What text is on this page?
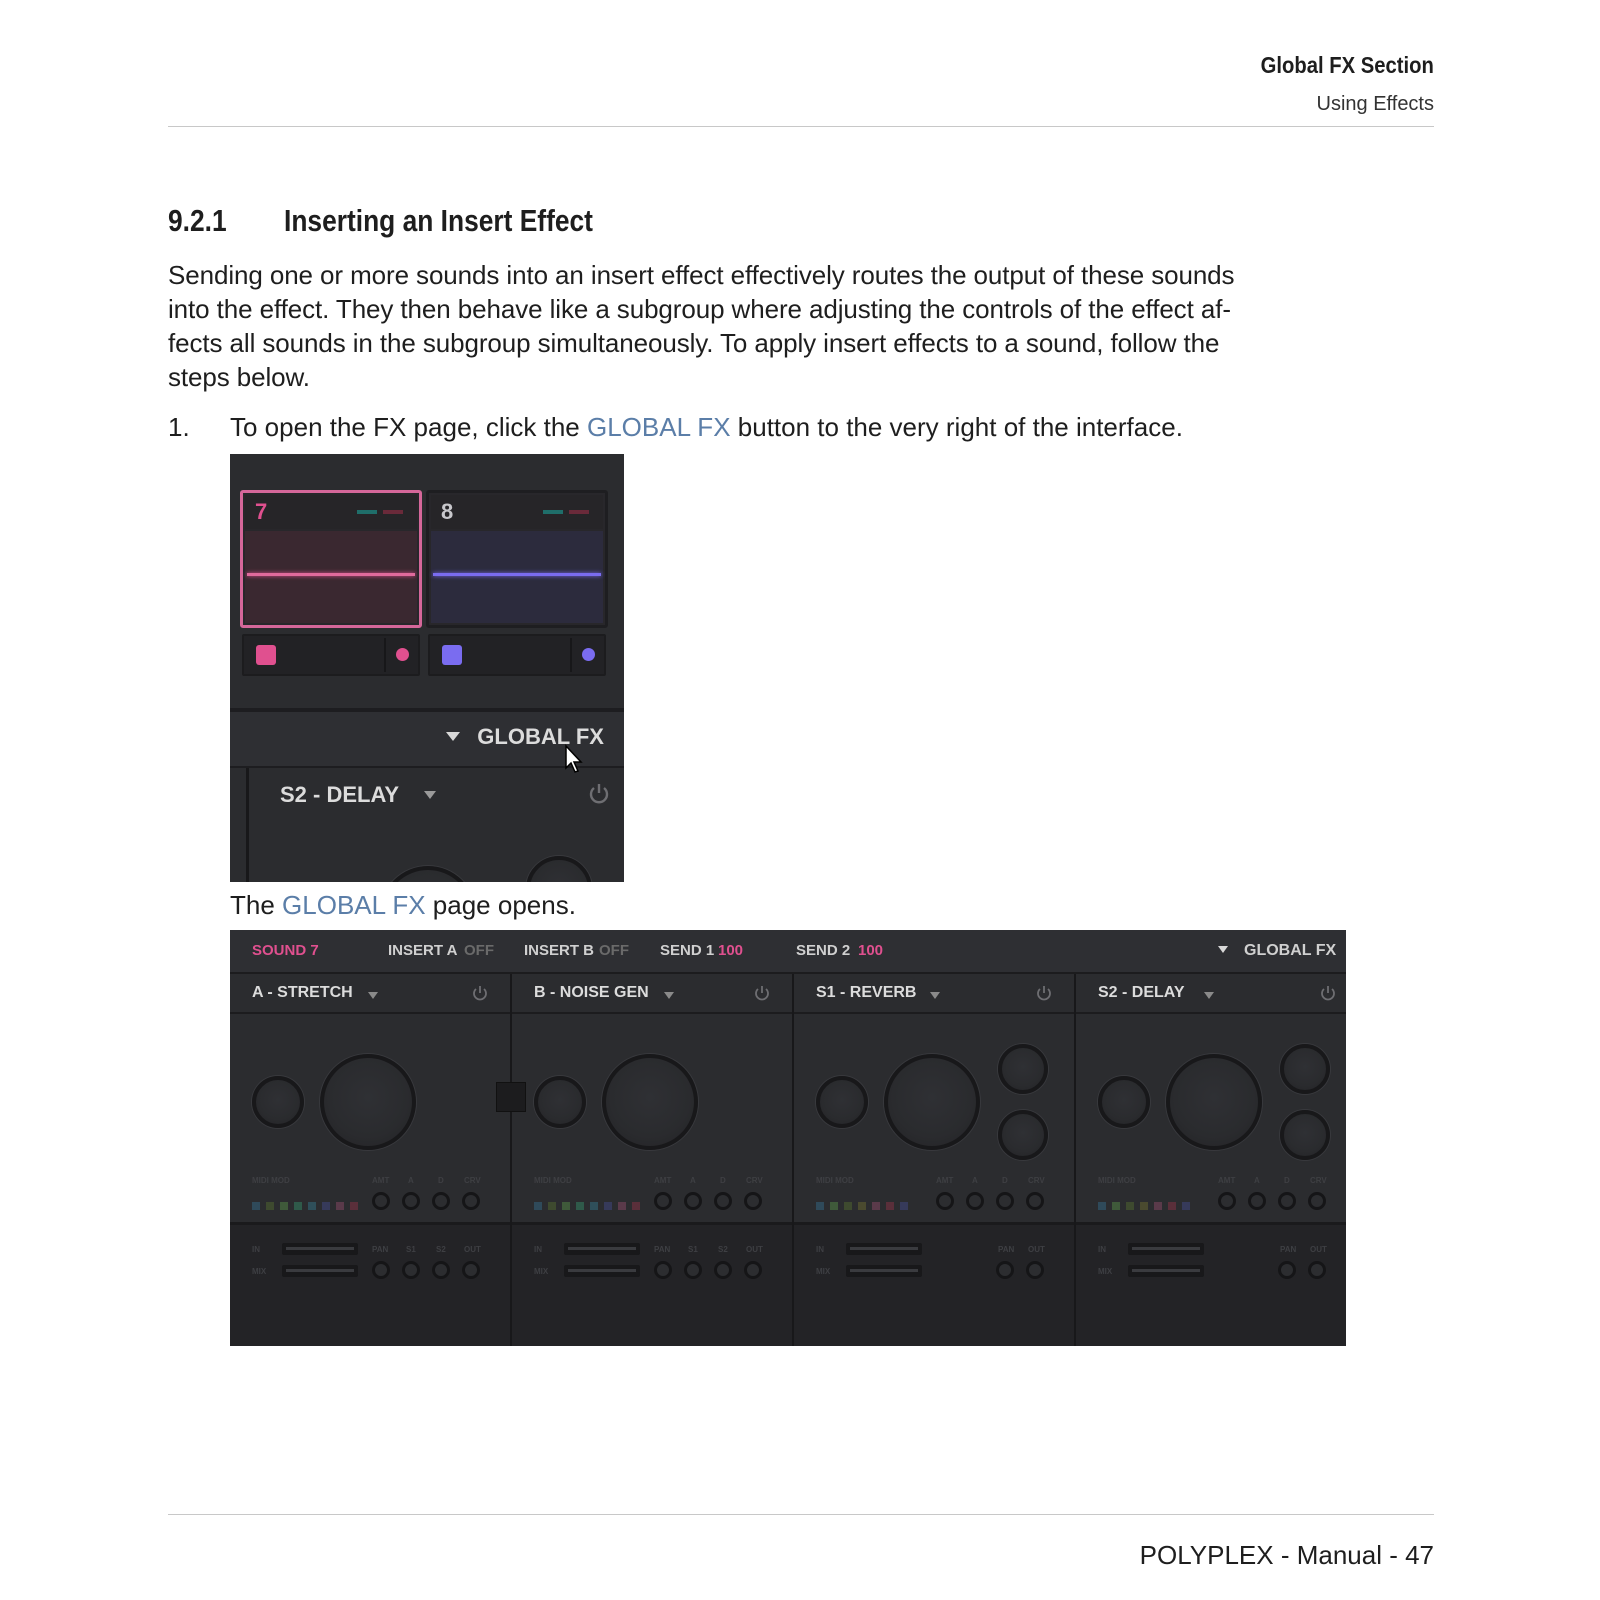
Global FX Section
Using Effects
9.2.1 Inserting an Insert Effect
Sending one or more sounds into an insert effect effectively routes the output of these sounds
into the effect. They then behave like a subgroup where adjusting the controls of the effect af-
fects all sounds in the subgroup simultaneously. To apply insert effects to a sound, follow the
steps below.
1. To open the FX page, click the GLOBAL FX button to the very right of the interface.
7	8
GLOBAL FX
S2 - DELAY
The GLOBAL FX page opens.
SOUND 7	INSERT A OFF INSERT B OFF SEND 1 100	SEND 2 100	GLOBAL FX
A - STRETCH
MIDI MOD	AMT A	D	CRV
IN
MIX
PAN S1	S2 OUT
B - NOISE GEN
MIDI MOD	AMT A	D	CRV
IN
MIX
PAN S1	S2 OUT
S1 - REVERB
MIDI MOD	AMT A	D	CRV
IN
MIX
PAN OUT
S2 - DELAY
MIDI MOD	AMT A	D	CRV
IN
MIX
PAN OUT
POLYPLEX - Manual - 47
